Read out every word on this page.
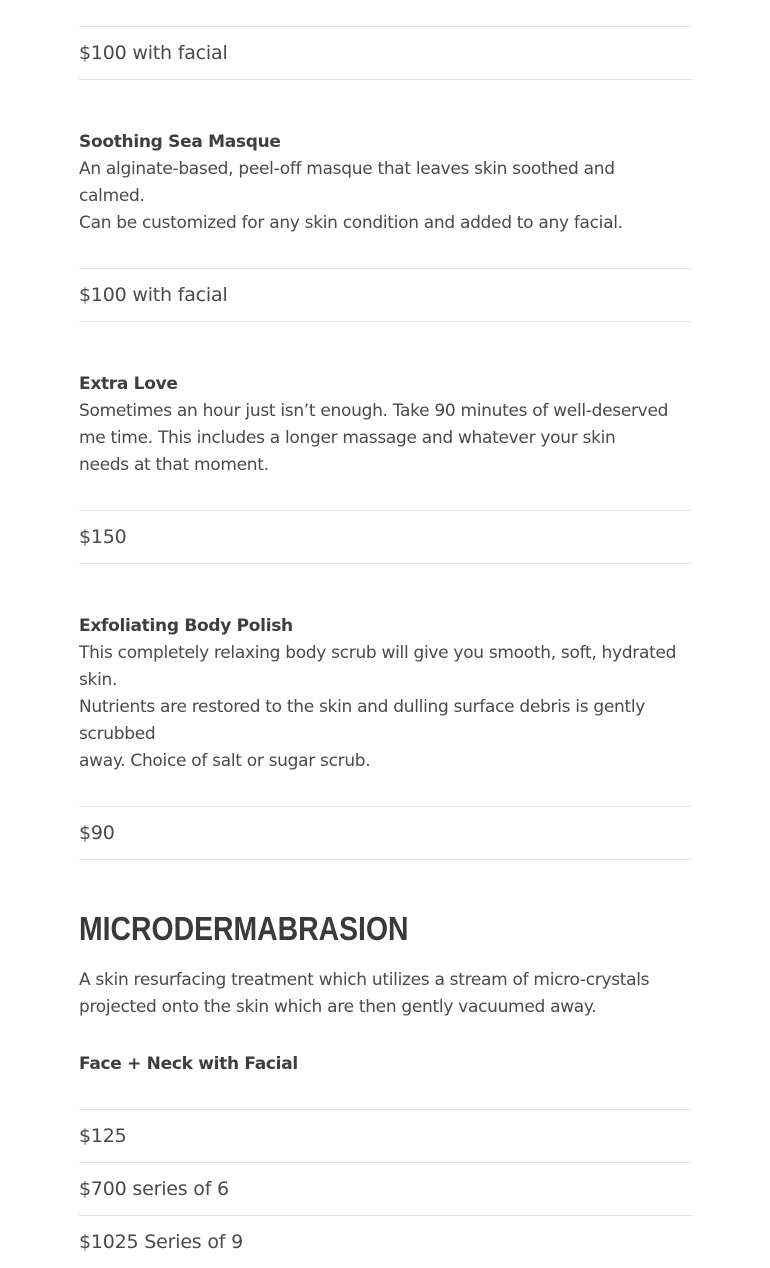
$100 with facial
Soothing Sea Masque
An alginate-based, peel-off masque that leaves skin soothed and
calmed.
Can be customized for any skin condition and added to any facial.
$100 with facial
Extra Love
Sometimes an hour just isn’t enough. Take 90 minutes of well-deserved
me time. This includes a longer massage and whatever your skin
needs at that moment.
$150
Exfoliating Body Polish
This completely relaxing body scrub will give you smooth, soft, hydrated
skin.
Nutrients are restored to the skin and dulling surface debris is gently
scrubbed
away. Choice of salt or sugar scrub.
$90
MICRODERMABRASION
A skin resurfacing treatment which utilizes a stream of micro-crystals
projected onto the skin which are then gently vacuumed away.
Face + Neck with Facial
$125
$700 series of 6
$1025 Series of 9
